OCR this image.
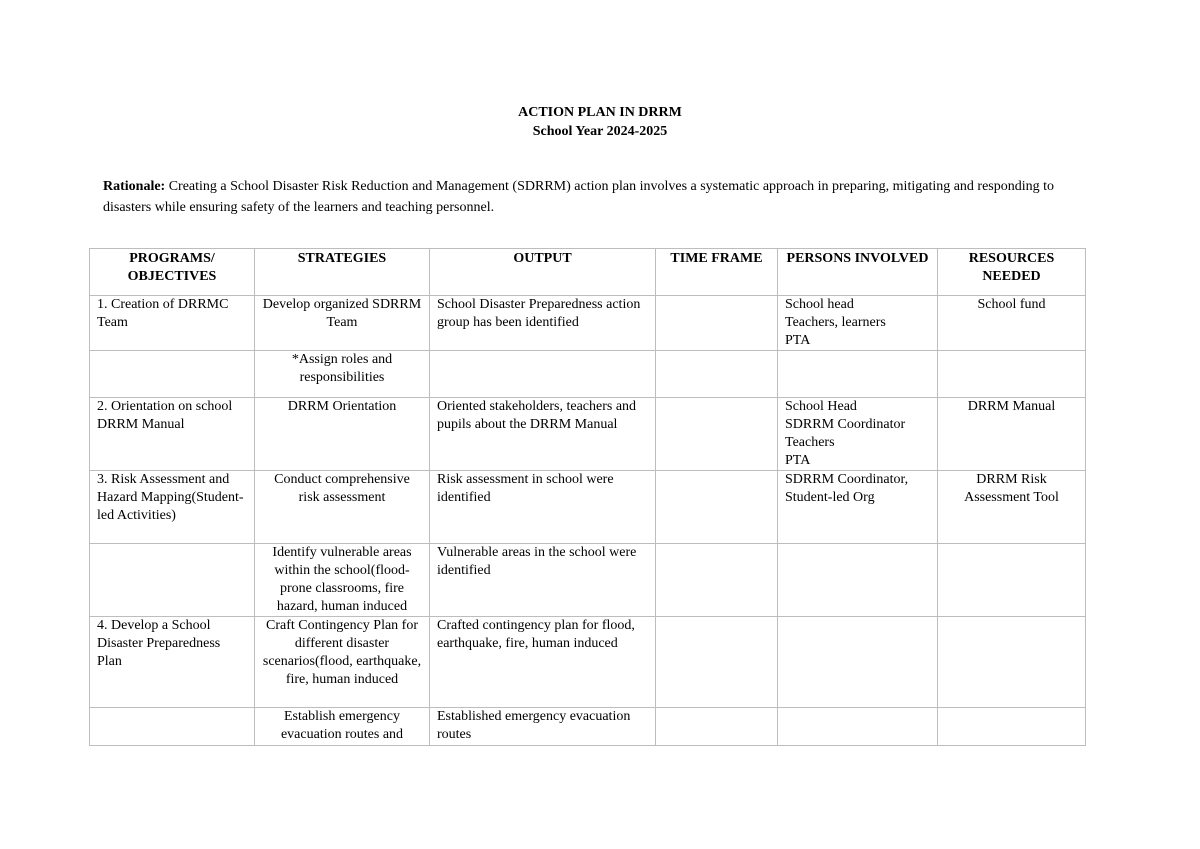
ACTION PLAN IN DRRM
School Year 2024-2025
Rationale: Creating a School Disaster Risk Reduction and Management (SDRRM) action plan involves a systematic approach in preparing, mitigating and responding to disasters while ensuring safety of the learners and teaching personnel.
PROGRAMS/ OBJECTIVES	STRATEGIES	OUTPUT	TIME FRAME	PERSONS INVOLVED	RESOURCES NEEDED

1. Creation of DRRMC Team	Develop organized SDRRM Team	School Disaster Preparedness action group has been identified		School head
Teachers, learners
PTA	School fund

	*Assign roles and responsibilities				

2. Orientation on school DRRM Manual	DRRM Orientation	Oriented stakeholders, teachers and pupils about the DRRM Manual		School Head
SDRRM Coordinator
Teachers
PTA	DRRM Manual

3. Risk Assessment and Hazard Mapping(Student-led Activities)	Conduct comprehensive risk assessment	Risk assessment in school were identified		SDRRM Coordinator,
Student-led Org	DRRM Risk Assessment Tool

	Identify vulnerable areas within the school(flood-prone classrooms, fire hazard, human induced	Vulnerable areas in the school were identified			

4. Develop a School Disaster Preparedness Plan	Craft Contingency Plan for different disaster scenarios(flood, earthquake, fire, human induced	Crafted contingency plan for flood, earthquake, fire, human induced			

	Establish emergency evacuation routes and	Established emergency evacuation routes			
